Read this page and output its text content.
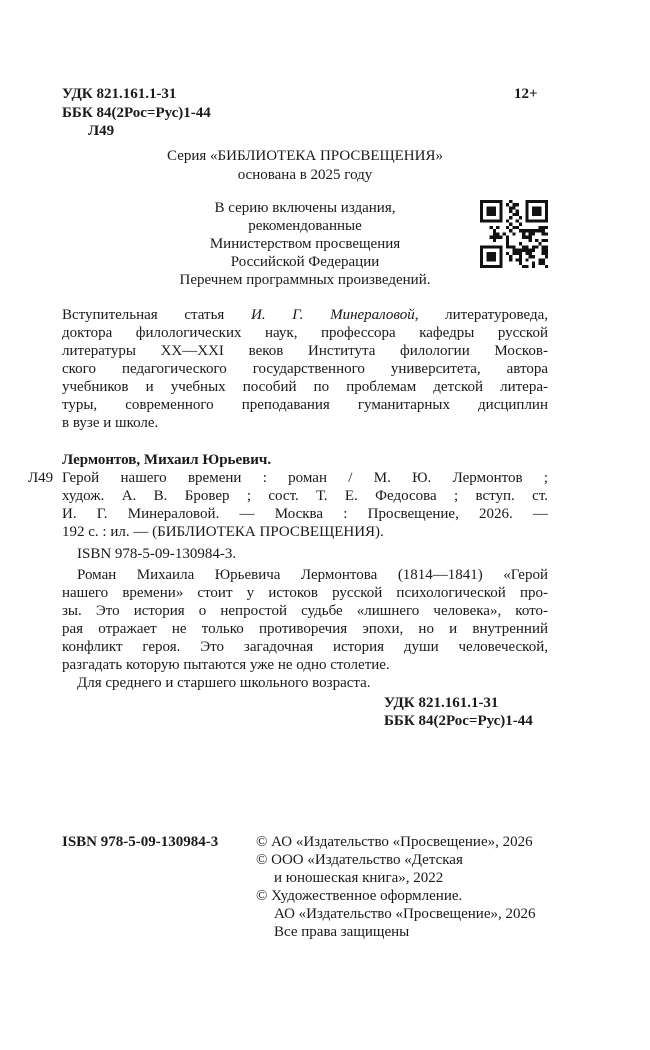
УДК 821.161.1-31
ББК 84(2Рос=Рус)1-44
Л49
12+
Серия «БИБЛИОТЕКА ПРОСВЕЩЕНИЯ»
основана в 2025 году
В серию включены издания,
рекомендованные
Министерством просвещения
Российской Федерации
Перечнем программных произведений.
Вступительная статья И. Г. Минераловой, литературоведа,
доктора филологических наук, профессора кафедры русской
литературы XX—XXI веков Института филологии Москов-
ского педагогического государственного университета, автора
учебников и учебных пособий по проблемам детской литера-
туры, современного преподавания гуманитарных дисциплин
в вузе и школе.
Лермонтов, Михаил Юрьевич.
Л49 Герой нашего времени : роман / М. Ю. Лермонтов ;
худож. А. В. Бровер ; сост. Т. Е. Федосова ; вступ. ст.
И. Г. Минераловой. — Москва : Просвещение, 2026. —
192 с. : ил. — (БИБЛИОТЕКА ПРОСВЕЩЕНИЯ).
ISBN 978-5-09-130984-3.
Роман Михаила Юрьевича Лермонтова (1814—1841) «Герой
нашего времени» стоит у истоков русской психологической про-
зы. Это история о непростой судьбе «лишнего человека», кото-
рая отражает не только противоречия эпохи, но и внутренний
конфликт героя. Это загадочная история души человеческой,
разгадать которую пытаются уже не одно столетие.
Для среднего и старшего школьного возраста.
УДК 821.161.1-31
ББК 84(2Рос=Рус)1-44
ISBN 978-5-09-130984-3	© АО «Издательство «Просвещение», 2026
© ООО «Издательство «Детская
и юношеская книга», 2022
© Художественное оформление.
АО «Издательство «Просвещение», 2026
Все права защищены
